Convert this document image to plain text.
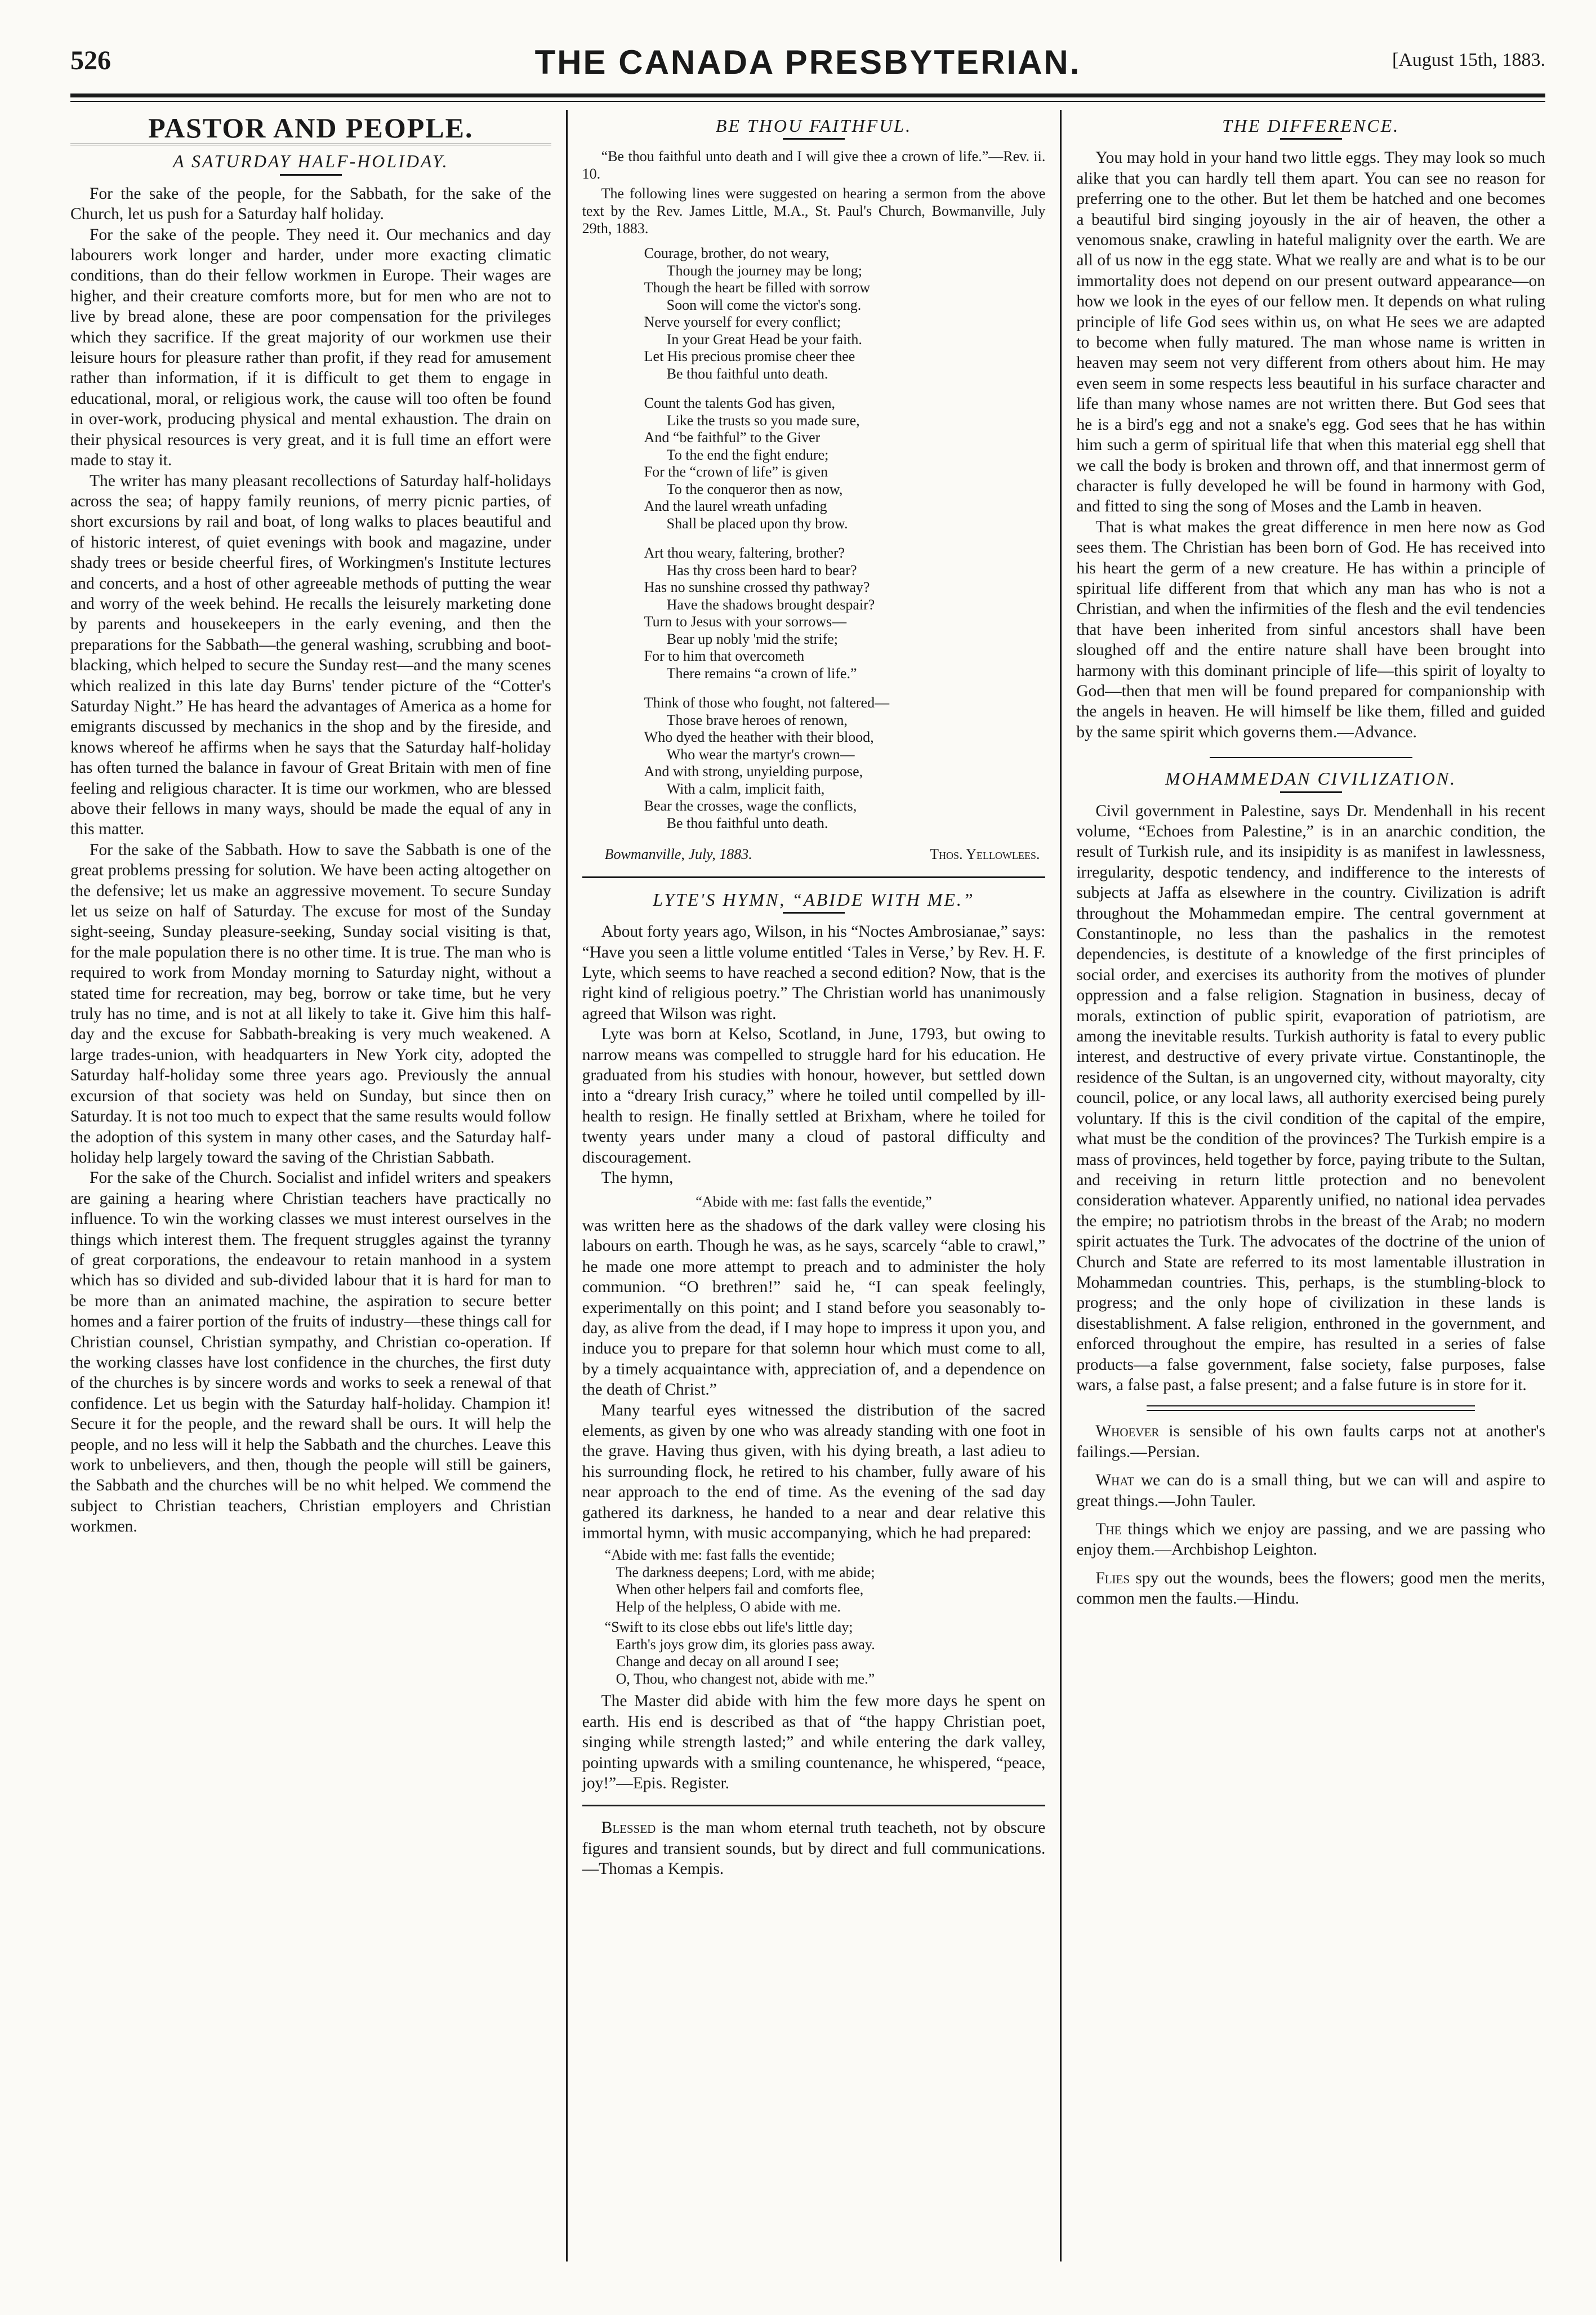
526	THE CANADA PRESBYTERIAN.	[August 15th, 1883.
PASTOR AND PEOPLE.

A SATURDAY HALF-HOLIDAY.

For the sake of the people, for the Sabbath, for the sake of the Church, let us push for a Saturday half holiday.

For the sake of the people. They need it. Our mechanics and day labourers work longer and harder, under more exacting climatic conditions, than do their fellow workmen in Europe. Their wages are higher, and their creature comforts more, but for men who are not to live by bread alone, these are poor compensation for the privileges which they sacrifice. If the great majority of our workmen use their leisure hours for pleasure rather than profit, if they read for amusement rather than information, if it is difficult to get them to engage in educational, moral, or religious work, the cause will too often be found in over-work, producing physical and mental exhaustion. The drain on their physical resources is very great, and it is full time an effort were made to stay it.

The writer has many pleasant recollections of Saturday half-holidays across the sea; of happy family reunions, of merry picnic parties, of short excursions by rail and boat, of long walks to places beautiful and of historic interest, of quiet evenings with book and magazine, under shady trees or beside cheerful fires, of Workingmen's Institute lectures and concerts, and a host of other agreeable methods of putting the wear and worry of the week behind. He recalls the leisurely marketing done by parents and housekeepers in the early evening, and then the preparations for the Sabbath—the general washing, scrubbing and boot-blacking, which helped to secure the Sunday rest—and the many scenes which realized in this late day Burns' tender picture of the “Cotter's Saturday Night.” He has heard the advantages of America as a home for emigrants discussed by mechanics in the shop and by the fireside, and knows whereof he affirms when he says that the Saturday half-holiday has often turned the balance in favour of Great Britain with men of fine feeling and religious character. It is time our workmen, who are blessed above their fellows in many ways, should be made the equal of any in this matter.

For the sake of the Sabbath. How to save the Sabbath is one of the great problems pressing for solution. We have been acting altogether on the defensive; let us make an aggressive movement. To secure Sunday let us seize on half of Saturday. The excuse for most of the Sunday sight-seeing, Sunday pleasure-seeking, Sunday social visiting is that, for the male population there is no other time. It is true. The man who is required to work from Monday morning to Saturday night, without a stated time for recreation, may beg, borrow or take time, but he very truly has no time, and is not at all likely to take it. Give him this half-day and the excuse for Sabbath-breaking is very much weakened. A large trades-union, with headquarters in New York city, adopted the Saturday half-holiday some three years ago. Previously the annual excursion of that society was held on Sunday, but since then on Saturday. It is not too much to expect that the same results would follow the adoption of this system in many other cases, and the Saturday half-holiday help largely toward the saving of the Christian Sabbath.

For the sake of the Church. Socialist and infidel writers and speakers are gaining a hearing where Christian teachers have practically no influence. To win the working classes we must interest ourselves in the things which interest them. The frequent struggles against the tyranny of great corporations, the endeavour to retain manhood in a system which has so divided and sub-divided labour that it is hard for man to be more than an animated machine, the aspiration to secure better homes and a fairer portion of the fruits of industry—these things call for Christian counsel, Christian sympathy, and Christian co-operation. If the working classes have lost confidence in the churches, the first duty of the churches is by sincere words and works to seek a renewal of that confidence. Let us begin with the Saturday half-holiday. Champion it! Secure it for the people, and the reward shall be ours. It will help the people, and no less will it help the Sabbath and the churches. Leave this work to unbelievers, and then, though the people will still be gainers, the Sabbath and the churches will be no whit helped. We commend the subject to Christian teachers, Christian employers and Christian workmen.

BE THOU FAITHFUL.

“Be thou faithful unto death and I will give thee a crown of life.”—Rev. ii. 10.

The following lines were suggested on hearing a sermon from the above text by the Rev. James Little, M.A., St. Paul's Church, Bowmanville, July 29th, 1883.

Courage, brother, do not weary,
Though the journey may be long;
Though the heart be filled with sorrow
Soon will come the victor's song.
Nerve yourself for every conflict;
In your Great Head be your faith.
Let His precious promise cheer thee
Be thou faithful unto death.
Count the talents God has given,
Like the trusts so you made sure,
And “be faithful” to the Giver
To the end the fight endure;
For the “crown of life” is given
To the conqueror then as now,
And the laurel wreath unfading
Shall be placed upon thy brow.
Art thou weary, faltering, brother?
Has thy cross been hard to bear?
Has no sunshine crossed thy pathway?
Have the shadows brought despair?
Turn to Jesus with your sorrows—
Bear up nobly 'mid the strife;
For to him that overcometh
There remains “a crown of life.”
Think of those who fought, not faltered—
Those brave heroes of renown,
Who dyed the heather with their blood,
Who wear the martyr's crown—
And with strong, unyielding purpose,
With a calm, implicit faith,
Bear the crosses, wage the conflicts,
Be thou faithful unto death.
Bowmanville, July, 1883.	Thos. Yellowlees.

LYTE'S HYMN, “ABIDE WITH ME.”

About forty years ago, Wilson, in his “Noctes Ambrosianae,” says: “Have you seen a little volume entitled ‘Tales in Verse,’ by Rev. H. F. Lyte, which seems to have reached a second edition? Now, that is the right kind of religious poetry.” The Christian world has unanimously agreed that Wilson was right.

Lyte was born at Kelso, Scotland, in June, 1793, but owing to narrow means was compelled to struggle hard for his education. He graduated from his studies with honour, however, but settled down into a “dreary Irish curacy,” where he toiled until compelled by ill-health to resign. He finally settled at Brixham, where he toiled for twenty years under many a cloud of pastoral difficulty and discouragement.

The hymn,

“Abide with me: fast falls the eventide,”

was written here as the shadows of the dark valley were closing his labours on earth. Though he was, as he says, scarcely “able to crawl,” he made one more attempt to preach and to administer the holy communion. “O brethren!” said he, “I can speak feelingly, experimentally on this point; and I stand before you seasonably to-day, as alive from the dead, if I may hope to impress it upon you, and induce you to prepare for that solemn hour which must come to all, by a timely acquaintance with, appreciation of, and a dependence on the death of Christ.”

Many tearful eyes witnessed the distribution of the sacred elements, as given by one who was already standing with one foot in the grave. Having thus given, with his dying breath, a last adieu to his surrounding flock, he retired to his chamber, fully aware of his near approach to the end of time. As the evening of the sad day gathered its darkness, he handed to a near and dear relative this immortal hymn, with music accompanying, which he had prepared:

“Abide with me: fast falls the eventide;
The darkness deepens; Lord, with me abide;
When other helpers fail and comforts flee,
Help of the helpless, O abide with me.
“Swift to its close ebbs out life's little day;
Earth's joys grow dim, its glories pass away.
Change and decay on all around I see;
O, Thou, who changest not, abide with me.”

The Master did abide with him the few more days he spent on earth. His end is described as that of “the happy Christian poet, singing while strength lasted;” and while entering the dark valley, pointing upwards with a smiling countenance, he whispered, “peace, joy!”—Epis. Register.

Blessed is the man whom eternal truth teacheth, not by obscure figures and transient sounds, but by direct and full communications.—Thomas a Kempis.

THE DIFFERENCE.

You may hold in your hand two little eggs. They may look so much alike that you can hardly tell them apart. You can see no reason for preferring one to the other. But let them be hatched and one becomes a beautiful bird singing joyously in the air of heaven, the other a venomous snake, crawling in hateful malignity over the earth. We are all of us now in the egg state. What we really are and what is to be our immortality does not depend on our present outward appearance—on how we look in the eyes of our fellow men. It depends on what ruling principle of life God sees within us, on what He sees we are adapted to become when fully matured. The man whose name is written in heaven may seem not very different from others about him. He may even seem in some respects less beautiful in his surface character and life than many whose names are not written there. But God sees that he is a bird's egg and not a snake's egg. God sees that he has within him such a germ of spiritual life that when this material egg shell that we call the body is broken and thrown off, and that innermost germ of character is fully developed he will be found in harmony with God, and fitted to sing the song of Moses and the Lamb in heaven.

That is what makes the great difference in men here now as God sees them. The Christian has been born of God. He has received into his heart the germ of a new creature. He has within a principle of spiritual life different from that which any man has who is not a Christian, and when the infirmities of the flesh and the evil tendencies that have been inherited from sinful ancestors shall have been sloughed off and the entire nature shall have been brought into harmony with this dominant principle of life—this spirit of loyalty to God—then that men will be found prepared for companionship with the angels in heaven. He will himself be like them, filled and guided by the same spirit which governs them.—Advance.

MOHAMMEDAN CIVILIZATION.

Civil government in Palestine, says Dr. Mendenhall in his recent volume, “Echoes from Palestine,” is in an anarchic condition, the result of Turkish rule, and its insipidity is as manifest in lawlessness, irregularity, despotic tendency, and indifference to the interests of subjects at Jaffa as elsewhere in the country. Civilization is adrift throughout the Mohammedan empire. The central government at Constantinople, no less than the pashalics in the remotest dependencies, is destitute of a knowledge of the first principles of social order, and exercises its authority from the motives of plunder oppression and a false religion. Stagnation in business, decay of morals, extinction of public spirit, evaporation of patriotism, are among the inevitable results. Turkish authority is fatal to every public interest, and destructive of every private virtue. Constantinople, the residence of the Sultan, is an ungoverned city, without mayoralty, city council, police, or any local laws, all authority exercised being purely voluntary. If this is the civil condition of the capital of the empire, what must be the condition of the provinces? The Turkish empire is a mass of provinces, held together by force, paying tribute to the Sultan, and receiving in return little protection and no benevolent consideration whatever. Apparently unified, no national idea pervades the empire; no patriotism throbs in the breast of the Arab; no modern spirit actuates the Turk. The advocates of the doctrine of the union of Church and State are referred to its most lamentable illustration in Mohammedan countries. This, perhaps, is the stumbling-block to progress; and the only hope of civilization in these lands is disestablishment. A false religion, enthroned in the government, and enforced throughout the empire, has resulted in a series of false products—a false government, false society, false purposes, false wars, a false past, a false present; and a false future is in store for it.

Whoever is sensible of his own faults carps not at another's failings.—Persian.

What we can do is a small thing, but we can will and aspire to great things.—John Tauler.

The things which we enjoy are passing, and we are passing who enjoy them.—Archbishop Leighton.

Flies spy out the wounds, bees the flowers; good men the merits, common men the faults.—Hindu.
